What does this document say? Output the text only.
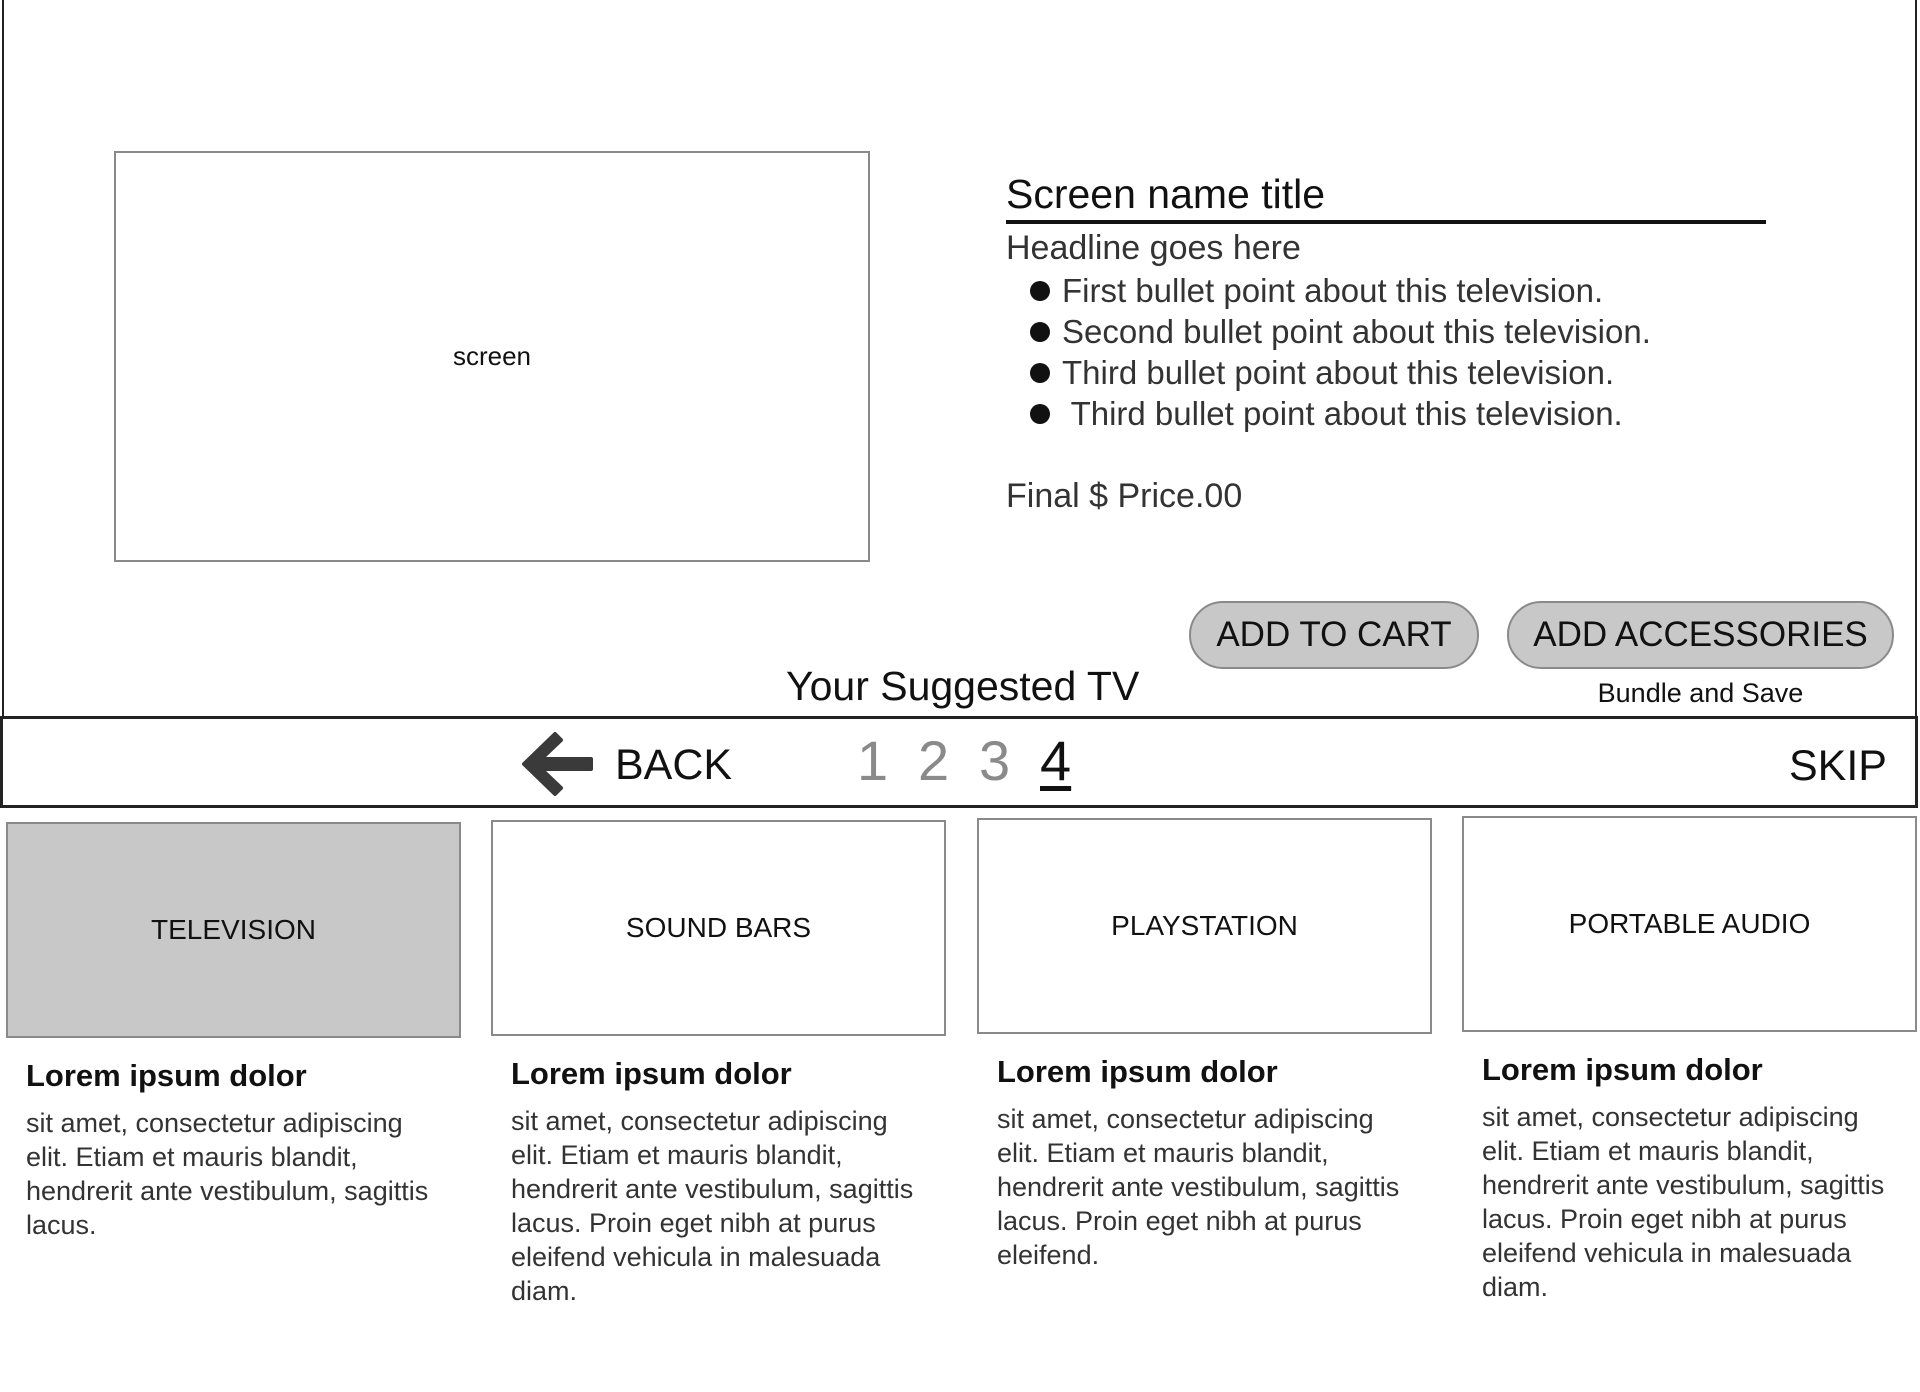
screen
Screen name title
Headline goes here
First bullet point about this television.
Second bullet point about this television.
Third bullet point about this television.
Third bullet point about this television.
Final $ Price.00
ADD TO CART	ADD ACCESSORIES
Bundle and Save
Your Suggested TV
BACK 1 2 3 4	SKIP
TELEVISION
Lorem ipsum dolor
sit amet, consectetur adipiscing elit. Etiam et mauris blandit, hendrerit ante vestibulum, sagittis lacus.
SOUND BARS
Lorem ipsum dolor
sit amet, consectetur adipiscing elit. Etiam et mauris blandit, hendrerit ante vestibulum, sagittis lacus. Proin eget nibh at purus eleifend vehicula in malesuada diam.
PLAYSTATION
Lorem ipsum dolor
sit amet, consectetur adipiscing elit. Etiam et mauris blandit, hendrerit ante vestibulum, sagittis lacus. Proin eget nibh at purus eleifend.
PORTABLE AUDIO
Lorem ipsum dolor
sit amet, consectetur adipiscing elit. Etiam et mauris blandit, hendrerit ante vestibulum, sagittis lacus. Proin eget nibh at purus eleifend vehicula in malesuada diam.
